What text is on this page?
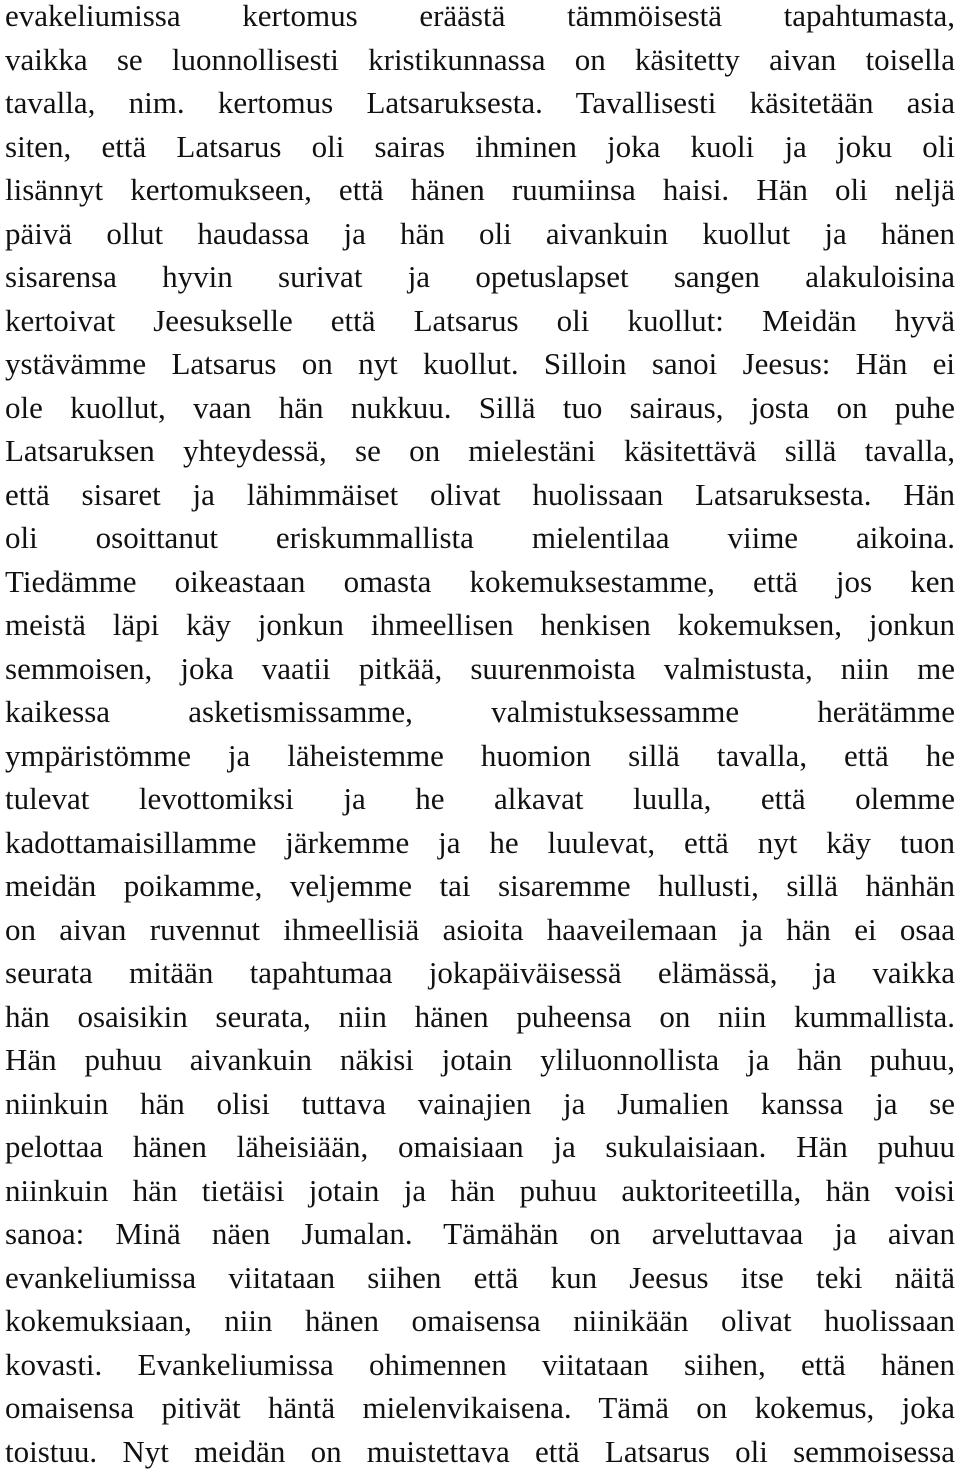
evakeliumissa kertomus eräästä tämmöisestä tapahtumasta,
vaikka se luonnollisesti kristikunnassa on käsitetty aivan toisella
tavalla, nim. kertomus Latsaruksesta. Tavallisesti käsitetään asia
siten, että Latsarus oli sairas ihminen joka kuoli ja joku oli
lisännyt kertomukseen, että hänen ruumiinsa haisi. Hän oli neljä
päivä ollut haudassa ja hän oli aivankuin kuollut ja hänen
sisarensa hyvin surivat ja opetuslapset sangen alakuloisina
kertoivat Jeesukselle että Latsarus oli kuollut: Meidän hyvä
ystävämme Latsarus on nyt kuollut. Silloin sanoi Jeesus: Hän ei
ole kuollut, vaan hän nukkuu. Sillä tuo sairaus, josta on puhe
Latsaruksen yhteydessä, se on mielestäni käsitettävä sillä tavalla,
että sisaret ja lähimmäiset olivat huolissaan Latsaruksesta. Hän
oli osoittanut eriskummallista mielentilaa viime aikoina.
Tiedämme oikeastaan omasta kokemuksestamme, että jos ken
meistä läpi käy jonkun ihmeellisen henkisen kokemuksen, jonkun
semmoisen, joka vaatii pitkää, suurenmoista valmistusta, niin me
kaikessa asketismissamme, valmistuksessamme herätämme
ympäristömme ja läheistemme huomion sillä tavalla, että he
tulevat levottomiksi ja he alkavat luulla, että olemme
kadottamaisillamme järkemme ja he luulevat, että nyt käy tuon
meidän poikamme, veljemme tai sisaremme hullusti, sillä hänhän
on aivan ruvennut ihmeellisiä asioita haaveilemaan ja hän ei osaa
seurata mitään tapahtumaa jokapäiväisessä elämässä, ja vaikka
hän osaisikin seurata, niin hänen puheensa on niin kummallista.
Hän puhuu aivankuin näkisi jotain yliluonnollista ja hän puhuu,
niinkuin hän olisi tuttava vainajien ja Jumalien kanssa ja se
pelottaa hänen läheisiään, omaisiaan ja sukulaisiaan. Hän puhuu
niinkuin hän tietäisi jotain ja hän puhuu auktoriteetilla, hän voisi
sanoa: Minä näen Jumalan. Tämähän on arveluttavaa ja aivan
evankeliumissa viitataan siihen että kun Jeesus itse teki näitä
kokemuksiaan, niin hänen omaisensa niinikään olivat huolissaan
kovasti. Evankeliumissa ohimennen viitataan siihen, että hänen
omaisensa pitivät häntä mielenvikaisena. Tämä on kokemus, joka
toistuu. Nyt meidän on muistettava että Latsarus oli semmoisessa
